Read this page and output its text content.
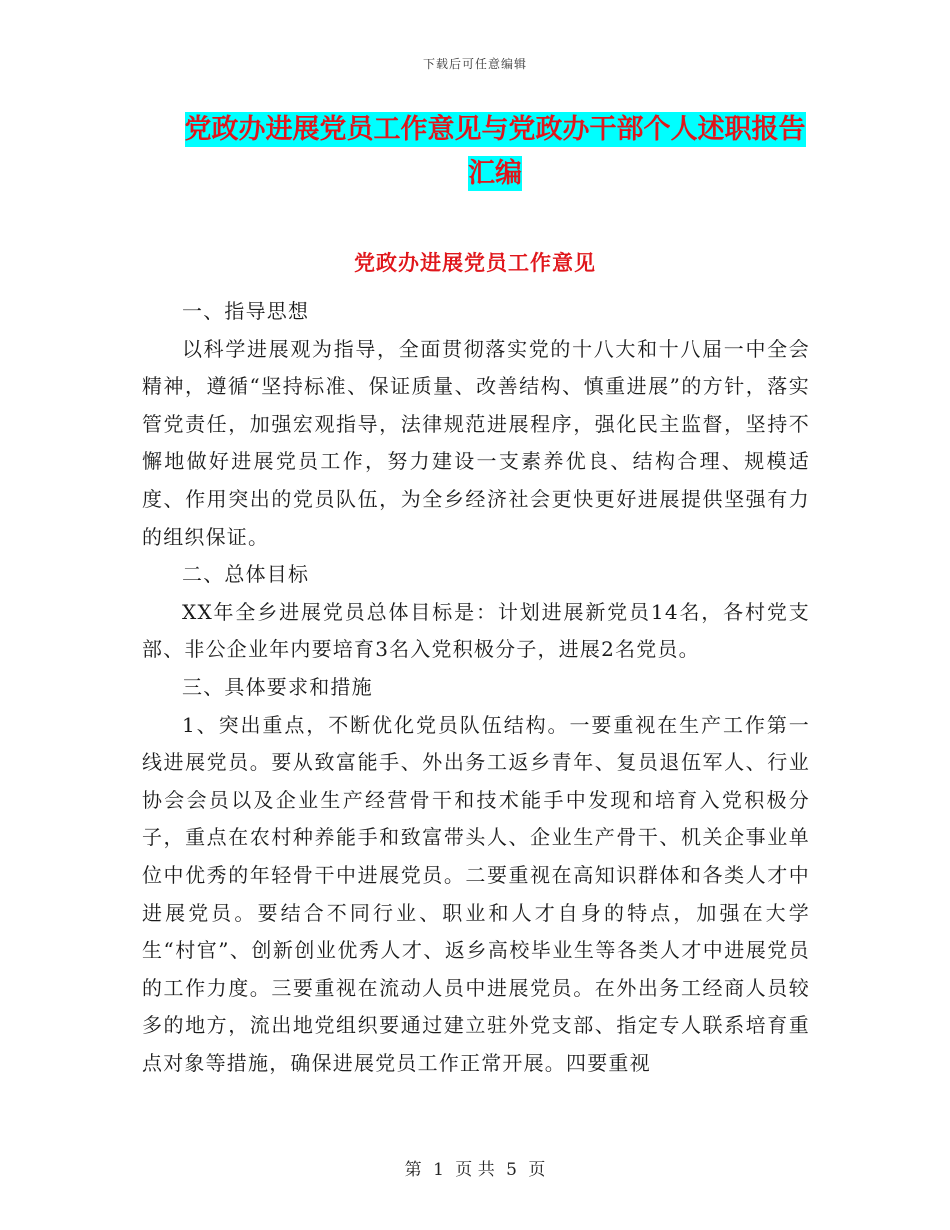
下载后可任意编辑
党政办进展党员工作意见与党政办干部个人述职报告
汇编
党政办进展党员工作意见

一、指导思想

以科学进展观为指导，全面贯彻落实党的十八大和十八届一中全会精神，遵循“坚持标准、保证质量、改善结构、慎重进展”的方针，落实管党责任，加强宏观指导，法律规范进展程序，强化民主监督，坚持不懈地做好进展党员工作，努力建设一支素养优良、结构合理、规模适度、作用突出的党员队伍，为全乡经济社会更快更好进展提供坚强有力的组织保证。

二、总体目标

XX年全乡进展党员总体目标是：计划进展新党员14名，各村党支部、非公企业年内要培育3名入党积极分子，进展2名党员。

三、具体要求和措施

1、突出重点，不断优化党员队伍结构。一要重视在生产工作第一线进展党员。要从致富能手、外出务工返乡青年、复员退伍军人、行业协会会员以及企业生产经营骨干和技术能手中发现和培育入党积极分子，重点在农村种养能手和致富带头人、企业生产骨干、机关企事业单位中优秀的年轻骨干中进展党员。二要重视在高知识群体和各类人才中进展党员。要结合不同行业、职业和人才自身的特点，加强在大学生“村官”、创新创业优秀人才、返乡高校毕业生等各类人才中进展党员的工作力度。三要重视在流动人员中进展党员。在外出务工经商人员较多的地方，流出地党组织要通过建立驻外党支部、指定专人联系培育重点对象等措施，确保进展党员工作正常开展。四要重视

第 1 页 共 5 页
